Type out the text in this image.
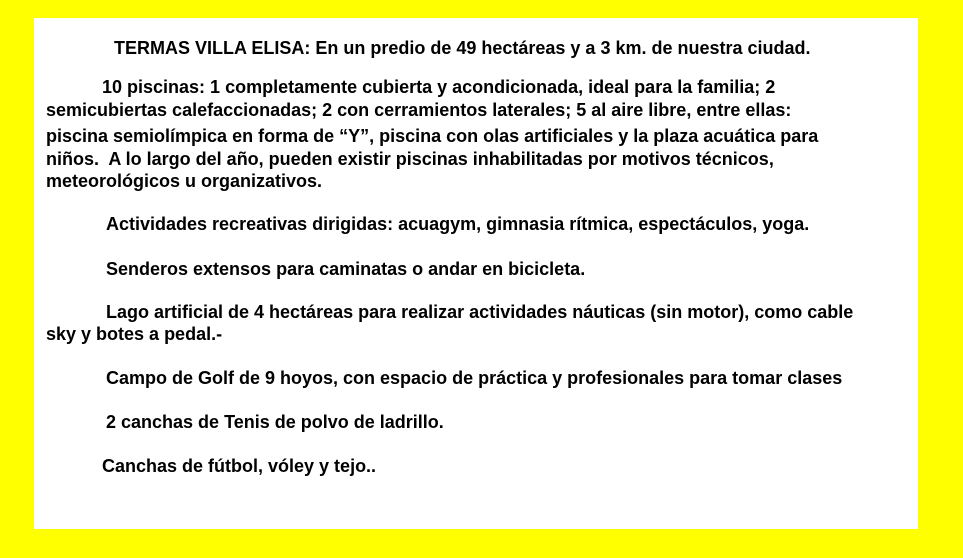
TERMAS VILLA ELISA: En un predio de 49 hectáreas y a 3 km. de nuestra ciudad.

10 piscinas: 1 completamente cubierta y acondicionada, ideal para la familia; 2

semicubiertas calefaccionadas; 2 con cerramientos laterales; 5 al aire libre, entre ellas:

piscina semiolímpica en forma de “Y”, piscina con olas artificiales y la plaza acuática para

niños.  A lo largo del año, pueden existir piscinas inhabilitadas por motivos técnicos,

meteorológicos u organizativos.

Actividades recreativas dirigidas: acuagym, gimnasia rítmica, espectáculos, yoga.

Senderos extensos para caminatas o andar en bicicleta.

Lago artificial de 4 hectáreas para realizar actividades náuticas (sin motor), como cable

sky y botes a pedal.-

Campo de Golf de 9 hoyos, con espacio de práctica y profesionales para tomar clases

2 canchas de Tenis de polvo de ladrillo.

Canchas de fútbol, vóley y tejo..
